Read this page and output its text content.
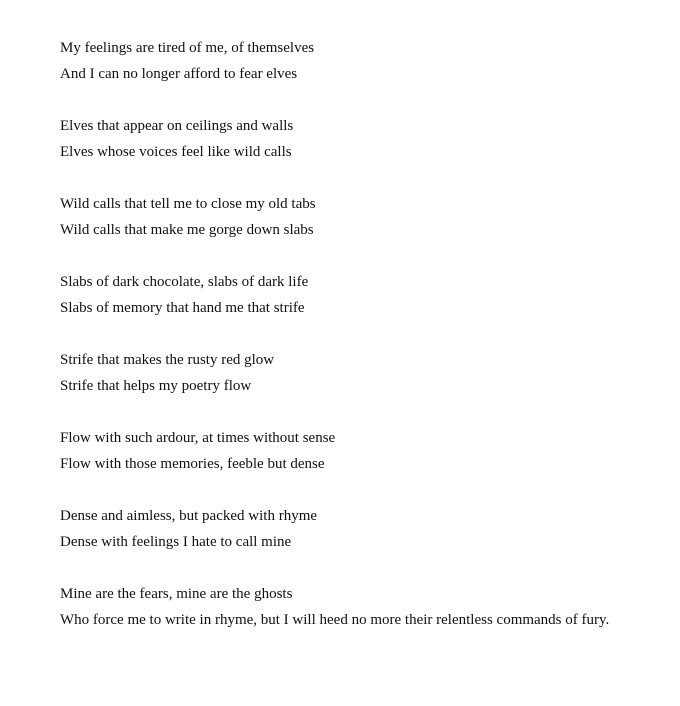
My feelings are tired of me, of themselves
And I can no longer afford to fear elves
Elves that appear on ceilings and walls
Elves whose voices feel like wild calls
Wild calls that tell me to close my old tabs
Wild calls that make me gorge down slabs
Slabs of dark chocolate, slabs of dark life
Slabs of memory that hand me that strife
Strife that makes the rusty red glow
Strife that helps my poetry flow
Flow with such ardour, at times without sense
Flow with those memories, feeble but dense
Dense and aimless, but packed with rhyme
Dense with feelings I hate to call mine
Mine are the fears, mine are the ghosts
Who force me to write in rhyme, but I will heed no more their relentless commands of fury.
